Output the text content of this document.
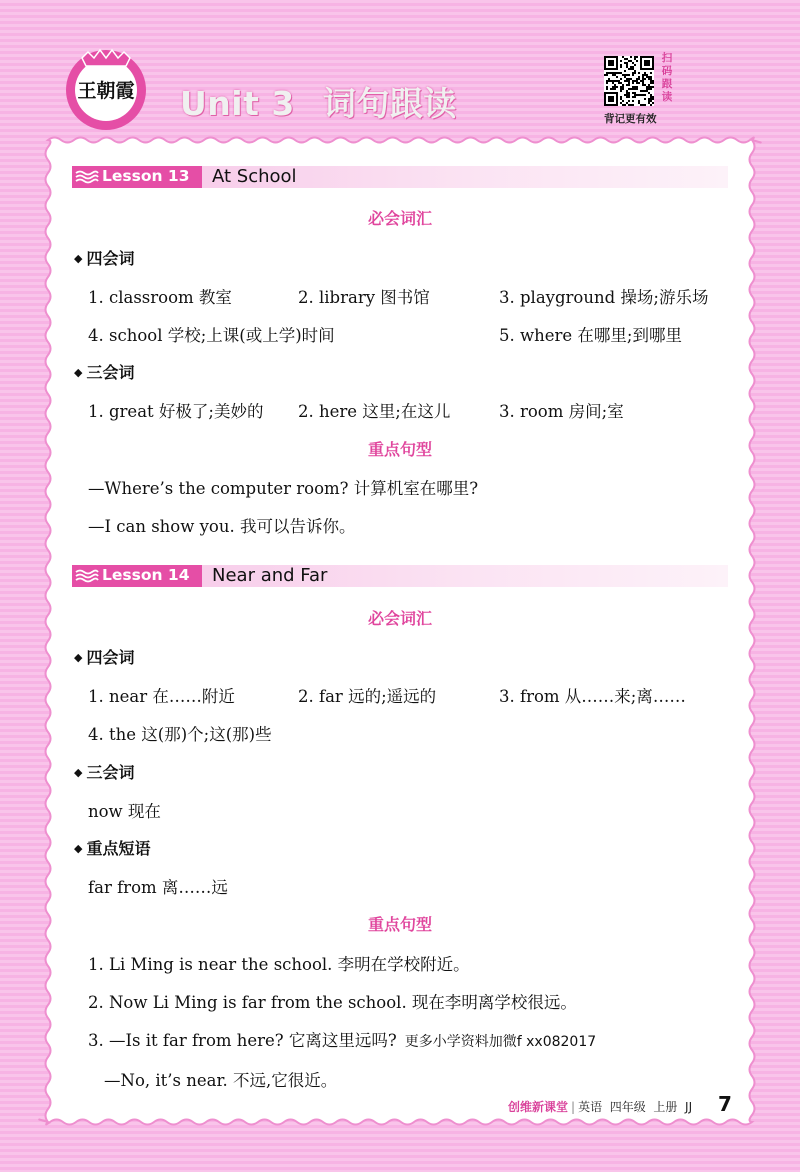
王朝霞 Unit 3 词句跟读
扫码跟读
背记更有效
Lesson 13 At School
必会词汇
◆ 四会词
1. classroom 教室	2. library 图书馆	3. playground 操场;游乐场
4. school 学校;上课(或上学)时间	5. where 在哪里;到哪里
◆ 三会词
1. great 好极了;美妙的 2. here 这里;在这儿	3. room 房间;室
重点句型
—Where’s the computer room? 计算机室在哪里?
—I can show you. 我可以告诉你。
Lesson 14 Near and Far
必会词汇
◆ 四会词
1. near 在……附近	2. far 远的;遥远的	3. from 从……来;离……
4. the 这(那)个;这(那)些
◆ 三会词
now 现在
◆ 重点短语
far from 离……远
重点句型
1. Li Ming is near the school. 李明在学校附近。
2. Now Li Ming is far from the school. 现在李明离学校很远。
3. —Is it far from here? 它离这里远吗? 更多小学资料加微f xx082017
—No, it’s near. 不远,它很近。
创维新课堂 | 英语 四年级 上册 JJ 7
